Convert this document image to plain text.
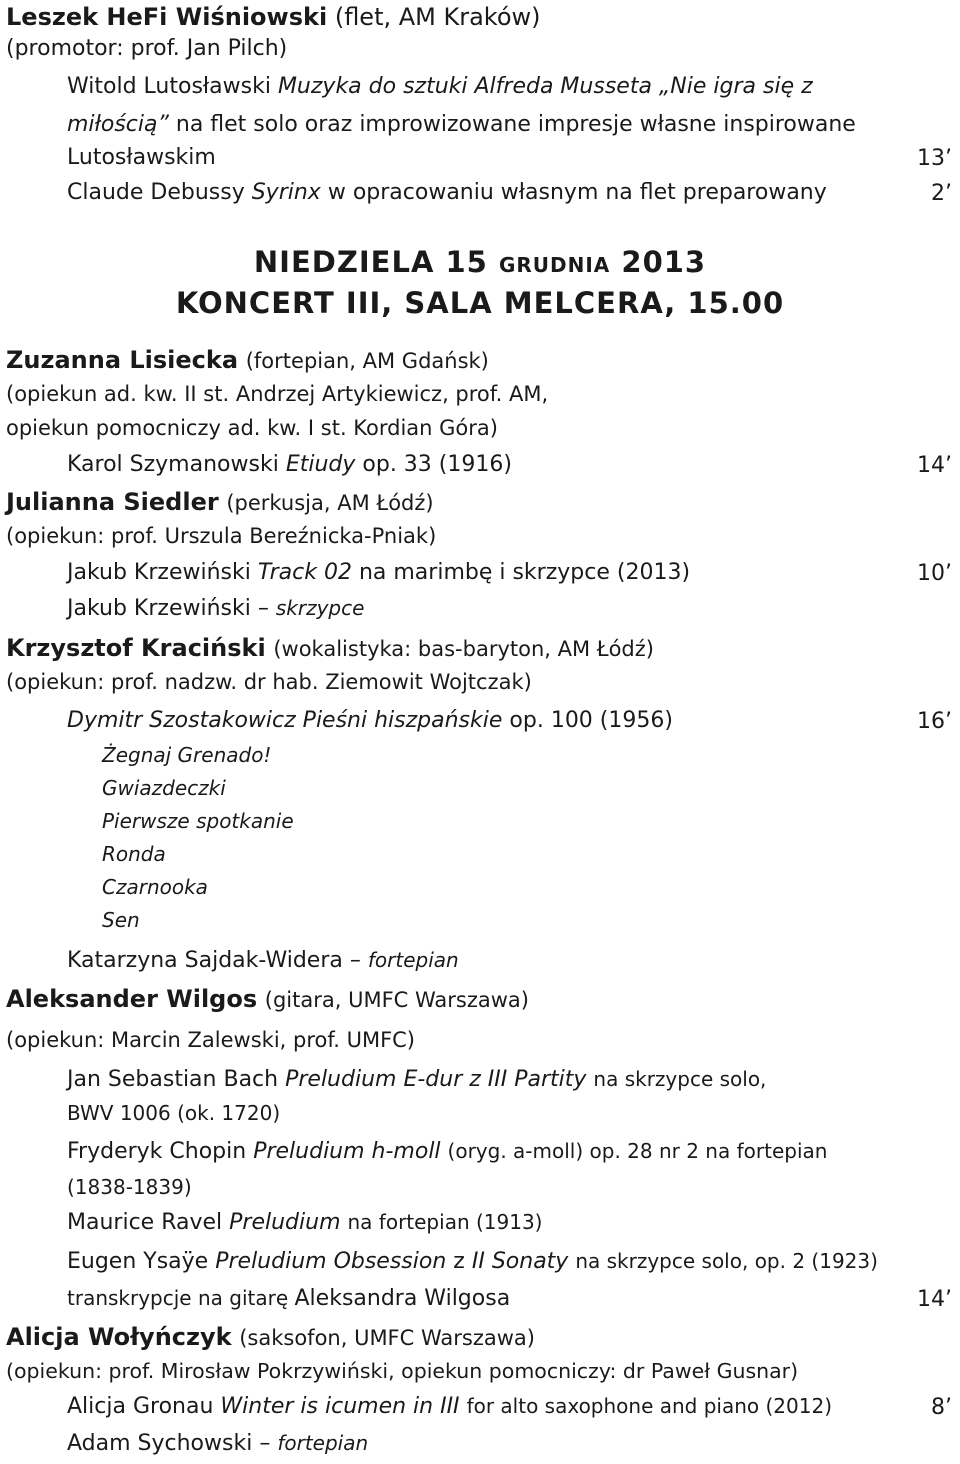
Leszek HeFi Wiśniowski (flet, AM Kraków)
(promotor: prof. Jan Pilch)
Witold Lutosławski Muzyka do sztuki Alfreda Musseta „Nie igra się z
miłością” na flet solo oraz improwizowane impresje własne inspirowane
Lutosławskim	13’
Claude Debussy Syrinx w opracowaniu własnym na flet preparowany	2’
NIEDZIELA 15 grudnia 2013
KONCERT III, SALA MELCERA, 15.00
Zuzanna Lisiecka (fortepian, AM Gdańsk)
(opiekun ad. kw. II st. Andrzej Artykiewicz, prof. AM,
opiekun pomocniczy ad. kw. I st. Kordian Góra)
Karol Szymanowski Etiudy op. 33 (1916)	14’
Julianna Siedler (perkusja, AM Łódź)
(opiekun: prof. Urszula Bereźnicka-Pniak)
Jakub Krzewiński Track 02 na marimbę i skrzypce (2013)	10’
Jakub Krzewiński – skrzypce
Krzysztof Kraciński (wokalistyka: bas-baryton, AM Łódź)
(opiekun: prof. nadzw. dr hab. Ziemowit Wojtczak)
Dymitr Szostakowicz Pieśni hiszpańskie op. 100 (1956)	16’
Żegnaj Grenado!
Gwiazdeczki
Pierwsze spotkanie
Ronda
Czarnooka
Sen
Katarzyna Sajdak-Widera – fortepian
Aleksander Wilgos (gitara, UMFC Warszawa)
(opiekun: Marcin Zalewski, prof. UMFC)
Jan Sebastian Bach Preludium E-dur z III Partity na skrzypce solo,
BWV 1006 (ok. 1720)
Fryderyk Chopin Preludium h-moll (oryg. a-moll) op. 28 nr 2 na fortepian
(1838-1839)
Maurice Ravel Preludium na fortepian (1913)
Eugen Ysaÿe Preludium Obsession z II Sonaty na skrzypce solo, op. 2 (1923)
transkrypcje na gitarę Aleksandra Wilgosa	14’
Alicja Wołyńczyk (saksofon, UMFC Warszawa)
(opiekun: prof. Mirosław Pokrzywiński, opiekun pomocniczy: dr Paweł Gusnar)
Alicja Gronau Winter is icumen in III for alto saxophone and piano (2012)	8’
Adam Sychowski – fortepian
